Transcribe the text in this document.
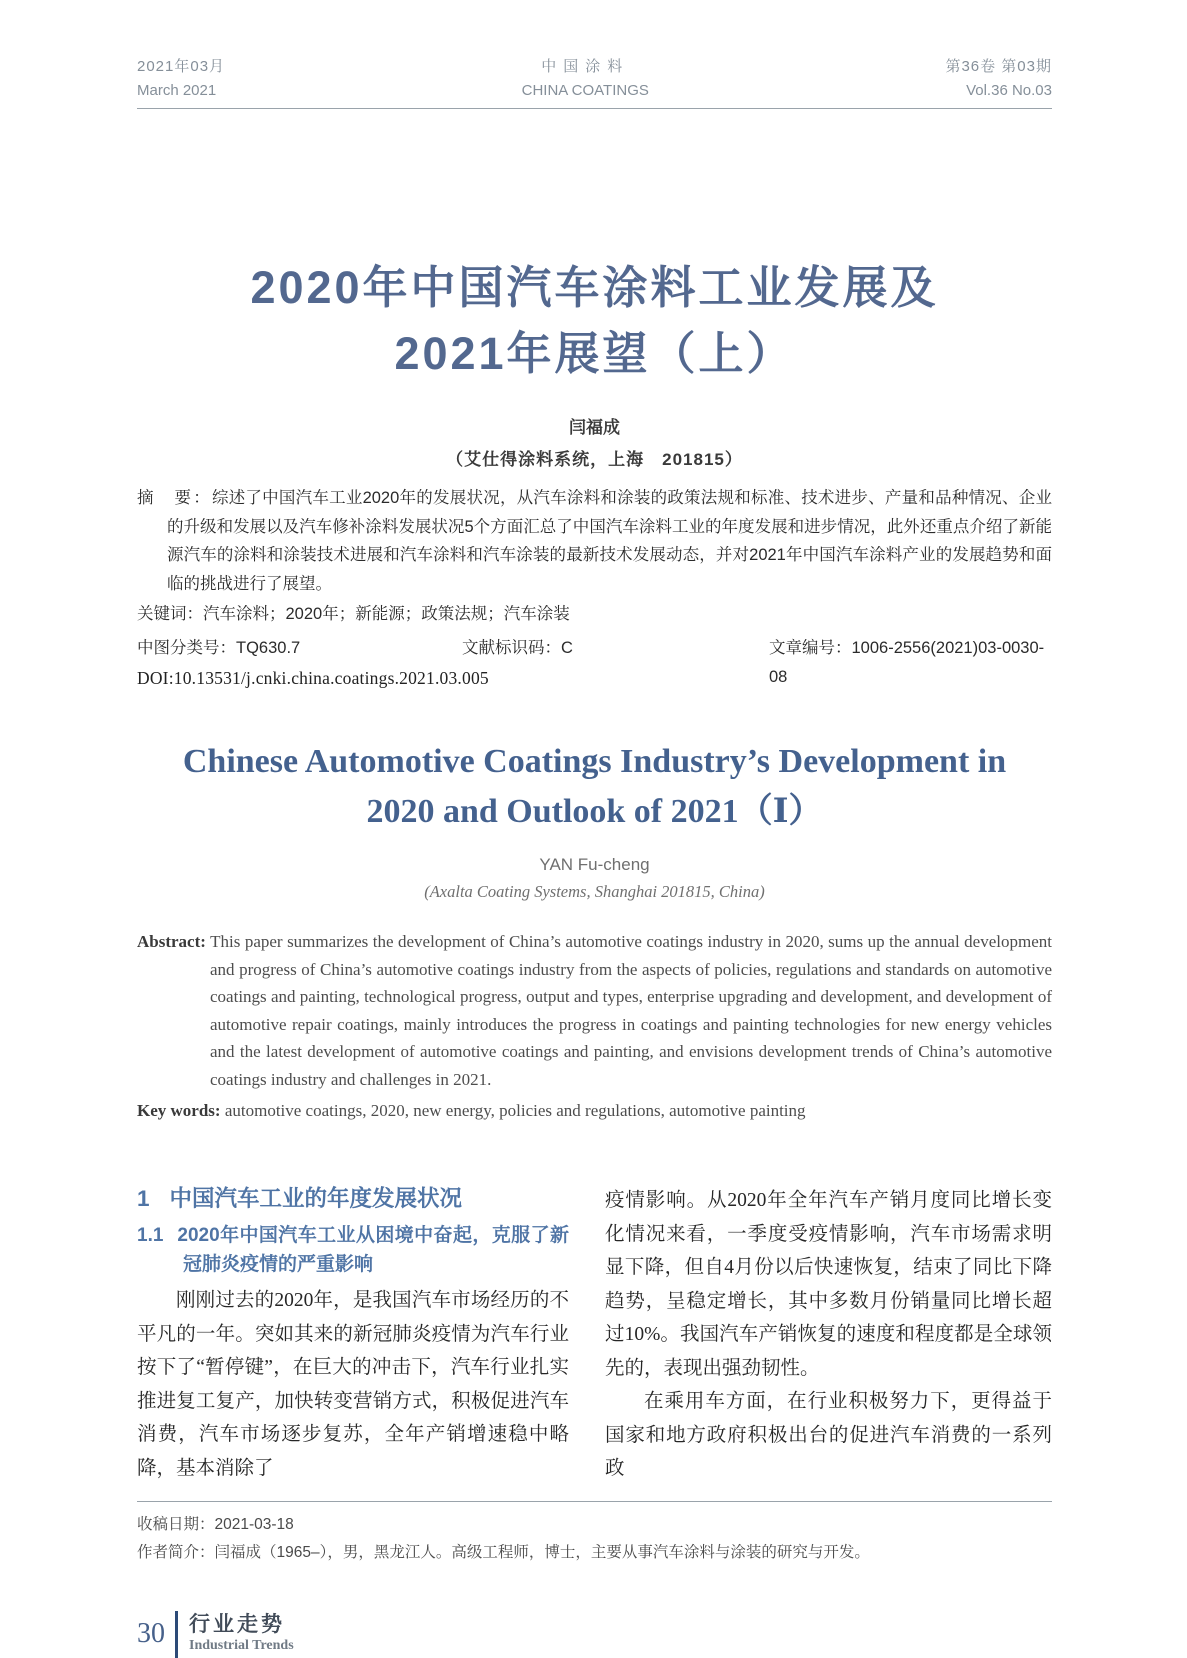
2021年03月
March 2021
中国涂料
CHINA COATINGS
第36卷 第03期
Vol.36 No.03
2020年中国汽车涂料工业发展及
2021年展望（上）
闫福成
（艾仕得涂料系统，上海　201815）

摘　要：综述了中国汽车工业2020年的发展状况，从汽车涂料和涂装的政策法规和标准、技术进步、产量和品种情况、企业的升级和发展以及汽车修补涂料发展状况5个方面汇总了中国汽车涂料工业的年度发展和进步情况，此外还重点介绍了新能源汽车的涂料和涂装技术进展和汽车涂料和汽车涂装的最新技术发展动态，并对2021年中国汽车涂料产业的发展趋势和面临的挑战进行了展望。

关键词：汽车涂料；2020年；新能源；政策法规；汽车涂装

中图分类号：TQ630.7	文献标识码：C	文章编号：1006-2556(2021)03-0030-08
DOI:10.13531/j.cnki.china.coatings.2021.03.005
Chinese Automotive Coatings Industry’s Development in
2020 and Outlook of 2021（Ⅰ）
YAN Fu-cheng
(Axalta Coating Systems, Shanghai 201815, China)

Abstract: This paper summarizes the development of China’s automotive coatings industry in 2020, sums up the annual development and progress of China’s automotive coatings industry from the aspects of policies, regulations and standards on automotive coatings and painting, technological progress, output and types, enterprise upgrading and development, and development of automotive repair coatings, mainly introduces the progress in coatings and painting technologies for new energy vehicles and the latest development of automotive coatings and painting, and envisions development trends of China’s automotive coatings industry and challenges in 2021.

Key words: automotive coatings, 2020, new energy, policies and regulations, automotive painting

1 中国汽车工业的年度发展状况
1.1 2020年中国汽车工业从困境中奋起，克服了新冠肺炎疫情的严重影响

刚刚过去的2020年，是我国汽车市场经历的不平凡的一年。突如其来的新冠肺炎疫情为汽车行业按下了“暂停键”，在巨大的冲击下，汽车行业扎实推进复工复产，加快转变营销方式，积极促进汽车消费，汽车市场逐步复苏，全年产销增速稳中略降，基本消除了

疫情影响。从2020年全年汽车产销月度同比增长变化情况来看，一季度受疫情影响，汽车市场需求明显下降，但自4月份以后快速恢复，结束了同比下降趋势，呈稳定增长，其中多数月份销量同比增长超过10%。我国汽车产销恢复的速度和程度都是全球领先的，表现出强劲韧性。

在乘用车方面，在行业积极努力下，更得益于国家和地方政府积极出台的促进汽车消费的一系列政

收稿日期：2021-03-18
作者简介：闫福成（1965–），男，黑龙江人。高级工程师，博士，主要从事汽车涂料与涂装的研究与开发。
30 行业走势
Industrial Trends
